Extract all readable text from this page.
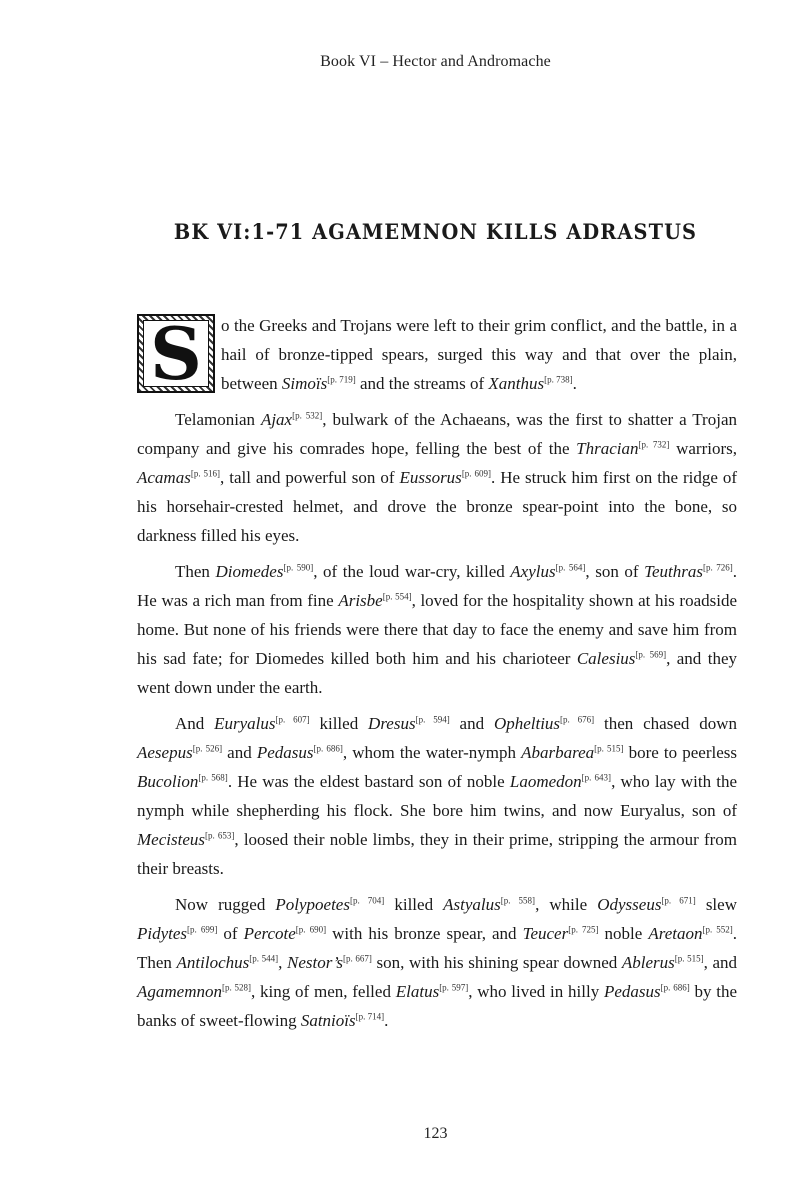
Book VI – Hector and Andromache
BK VI:1-71 AGAMEMNON KILLS ADRASTUS

S o the Greeks and Trojans were left to their grim conflict, and the battle, in a hail of bronze-tipped spears, surged this way and that over the plain, between Simoïs[p. 719] and the streams of Xanthus[p. 738].

Telamonian Ajax[p. 532], bulwark of the Achaeans, was the first to shatter a Trojan company and give his comrades hope, felling the best of the Thracian[p. 732] warriors, Acamas[p. 516], tall and powerful son of Eussorus[p. 609]. He struck him first on the ridge of his horsehair-crested helmet, and drove the bronze spear-point into the bone, so darkness filled his eyes.

Then Diomedes[p. 590], of the loud war-cry, killed Axylus[p. 564], son of Teuthras[p. 726]. He was a rich man from fine Arisbe[p. 554], loved for the hospitality shown at his roadside home. But none of his friends were there that day to face the enemy and save him from his sad fate; for Diomedes killed both him and his charioteer Calesius[p. 569], and they went down under the earth.

And Euryalus[p. 607] killed Dresus[p. 594] and Opheltius[p. 676] then chased down Aesepus[p. 526] and Pedasus[p. 686], whom the water-nymph Abarbarea[p. 515] bore to peerless Bucolion[p. 568]. He was the eldest bastard son of noble Laomedon[p. 643], who lay with the nymph while shepherding his flock. She bore him twins, and now Euryalus, son of Mecisteus[p. 653], loosed their noble limbs, they in their prime, stripping the armour from their breasts.

Now rugged Polypoetes[p. 704] killed Astyalus[p. 558], while Odysseus[p. 671] slew Pidytes[p. 699] of Percote[p. 690] with his bronze spear, and Teucer[p. 725] noble Aretaon[p. 552]. Then Antilochus[p. 544], Nestor’s[p. 667] son, with his shining spear downed Ablerus[p. 515], and Agamemnon[p. 528], king of men, felled Elatus[p. 597], who lived in hilly Pedasus[p. 686] by the banks of sweet-flowing Satnioïs[p. 714].

123
